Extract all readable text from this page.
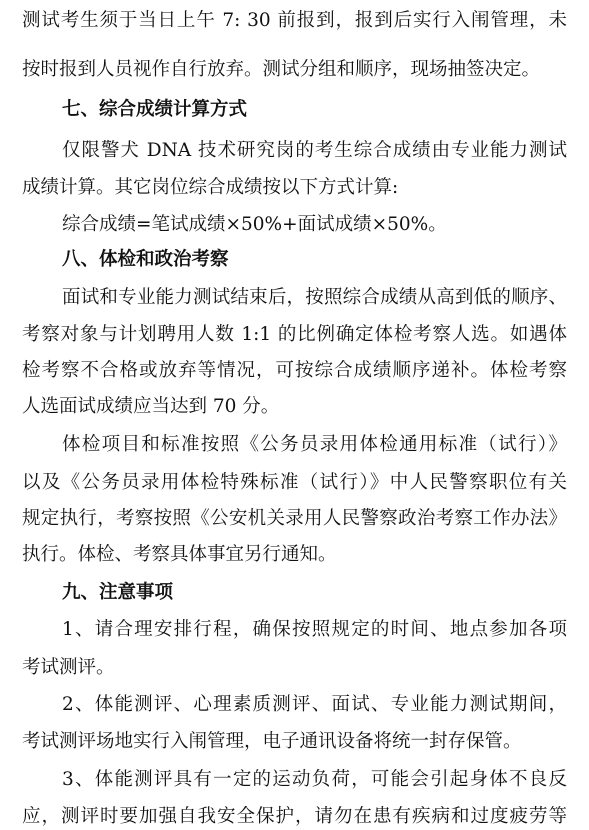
测试考生须于当日上午 7: 30 前报到，报到后实行入闱管理，未
按时报到人员视作自行放弃。测试分组和顺序，现场抽签决定。
七、综合成绩计算方式
仅限警犬 DNA 技术研究岗的考生综合成绩由专业能力测试
成绩计算。其它岗位综合成绩按以下方式计算:
综合成绩=笔试成绩×50%+面试成绩×50%。
八、体检和政治考察
面试和专业能力测试结束后，按照综合成绩从高到低的顺序、
考察对象与计划聘用人数 1:1 的比例确定体检考察人选。如遇体
检考察不合格或放弃等情况，可按综合成绩顺序递补。体检考察
人选面试成绩应当达到 70 分。
体检项目和标准按照《公务员录用体检通用标准（试行）》
以及《公务员录用体检特殊标准（试行）》中人民警察职位有关
规定执行，考察按照《公安机关录用人民警察政治考察工作办法》
执行。体检、考察具体事宜另行通知。
九、注意事项
1、请合理安排行程，确保按照规定的时间、地点参加各项
考试测评。
2、体能测评、心理素质测评、面试、专业能力测试期间，
考试测评场地实行入闱管理，电子通讯设备将统一封存保管。
3、体能测评具有一定的运动负荷，可能会引起身体不良反
应，测评时要加强自我安全保护，请勿在患有疾病和过度疲劳等
